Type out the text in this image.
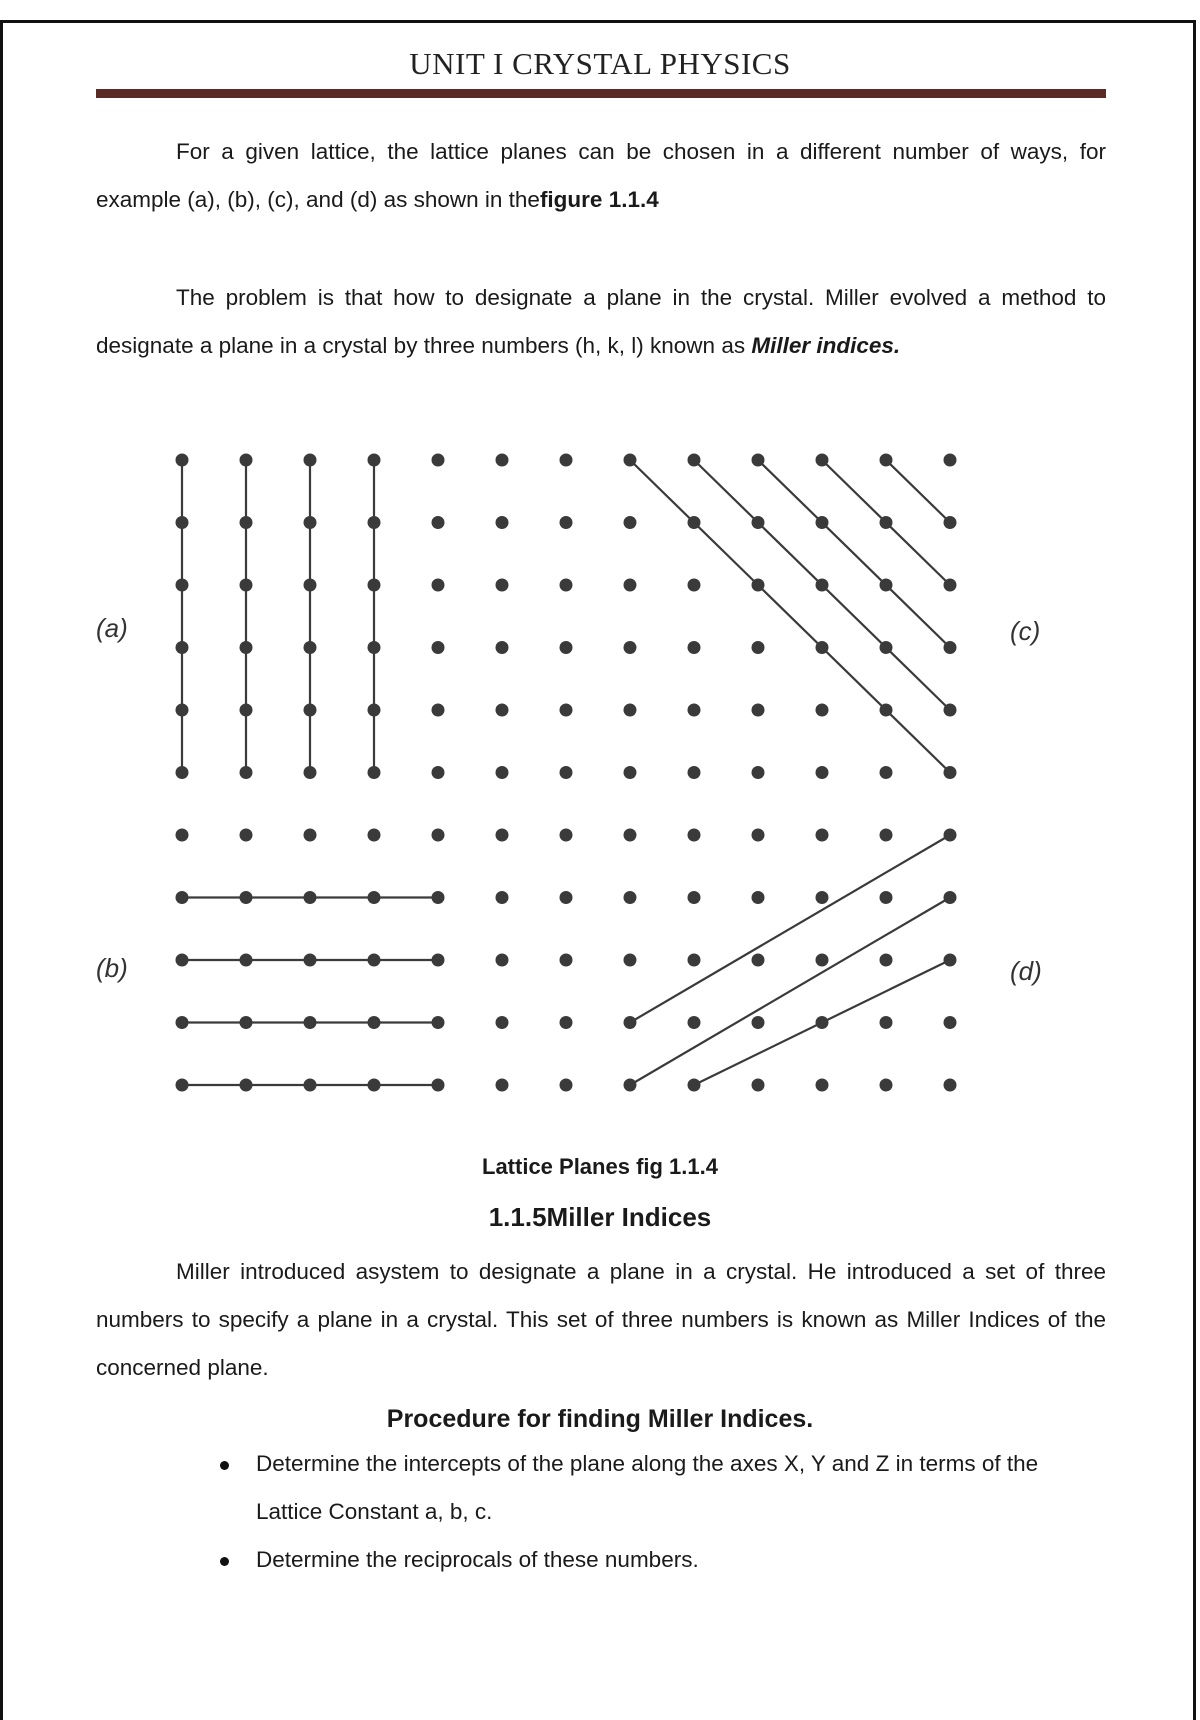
UNIT I CRYSTAL PHYSICS
For a given lattice, the lattice planes can be chosen in a different number of ways, for example (a), (b), (c), and (d) as shown in thefigure 1.1.4
The problem is that how to designate a plane in the crystal. Miller evolved a method to designate a plane in a crystal by three numbers (h, k, l) known as Miller indices.
(a)
(b)
(c)
(d)
Lattice Planes fig 1.1.4
1.1.5Miller Indices
Miller introduced asystem to designate a plane in a crystal. He introduced a set of three numbers to specify a plane in a crystal. This set of three numbers is known as Miller Indices of the concerned plane.
Procedure for finding Miller Indices.
Determine the intercepts of the plane along the axes X, Y and Z in terms of the Lattice Constant a, b, c.
Determine the reciprocals of these numbers.
